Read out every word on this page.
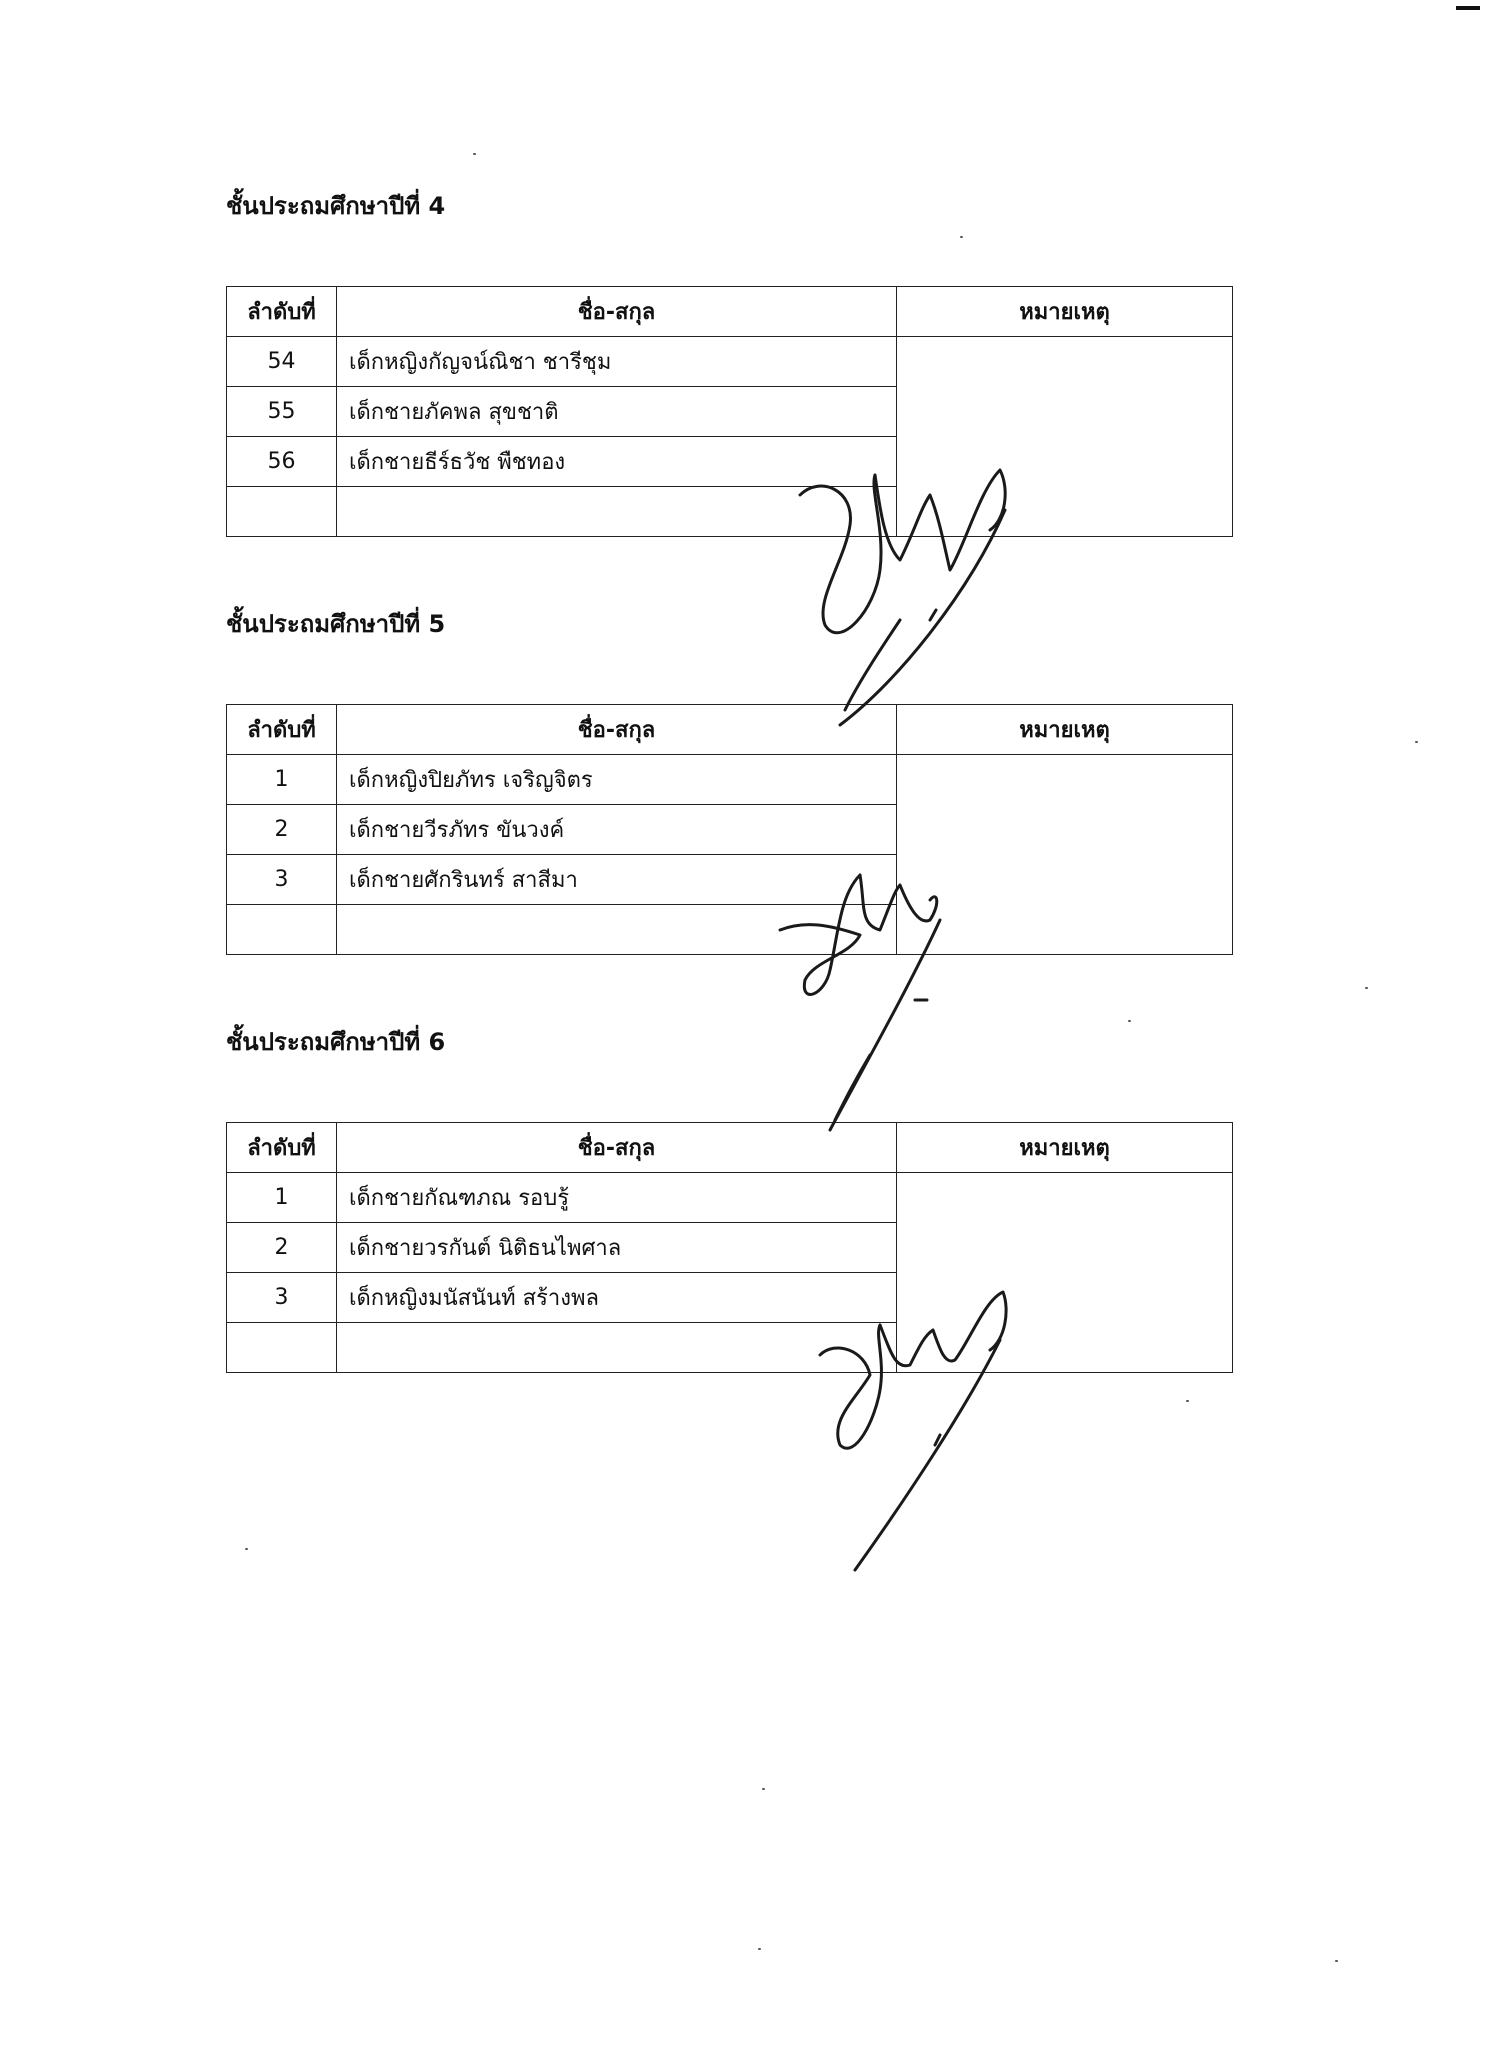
ชั้นประถมศึกษาปีที่ 4
ลำดับที่	ชื่อ-สกุล	หมายเหตุ
54	เด็กหญิงกัญจน์ณิชา ชารีชุม	
55	เด็กชายภัคพล สุขชาติ	
56	เด็กชายธีร์ธวัช พืชทอง	

ชั้นประถมศึกษาปีที่ 5
ลำดับที่	ชื่อ-สกุล	หมายเหตุ
1	เด็กหญิงปิยภัทร เจริญจิตร	
2	เด็กชายวีรภัทร ขันวงค์	
3	เด็กชายศักรินทร์ สาสีมา	

ชั้นประถมศึกษาปีที่ 6
ลำดับที่	ชื่อ-สกุล	หมายเหตุ
1	เด็กชายกัณฑภณ รอบรู้	
2	เด็กชายวรกันต์ นิติธนไพศาล	
3	เด็กหญิงมนัสนันท์ สร้างพล	
